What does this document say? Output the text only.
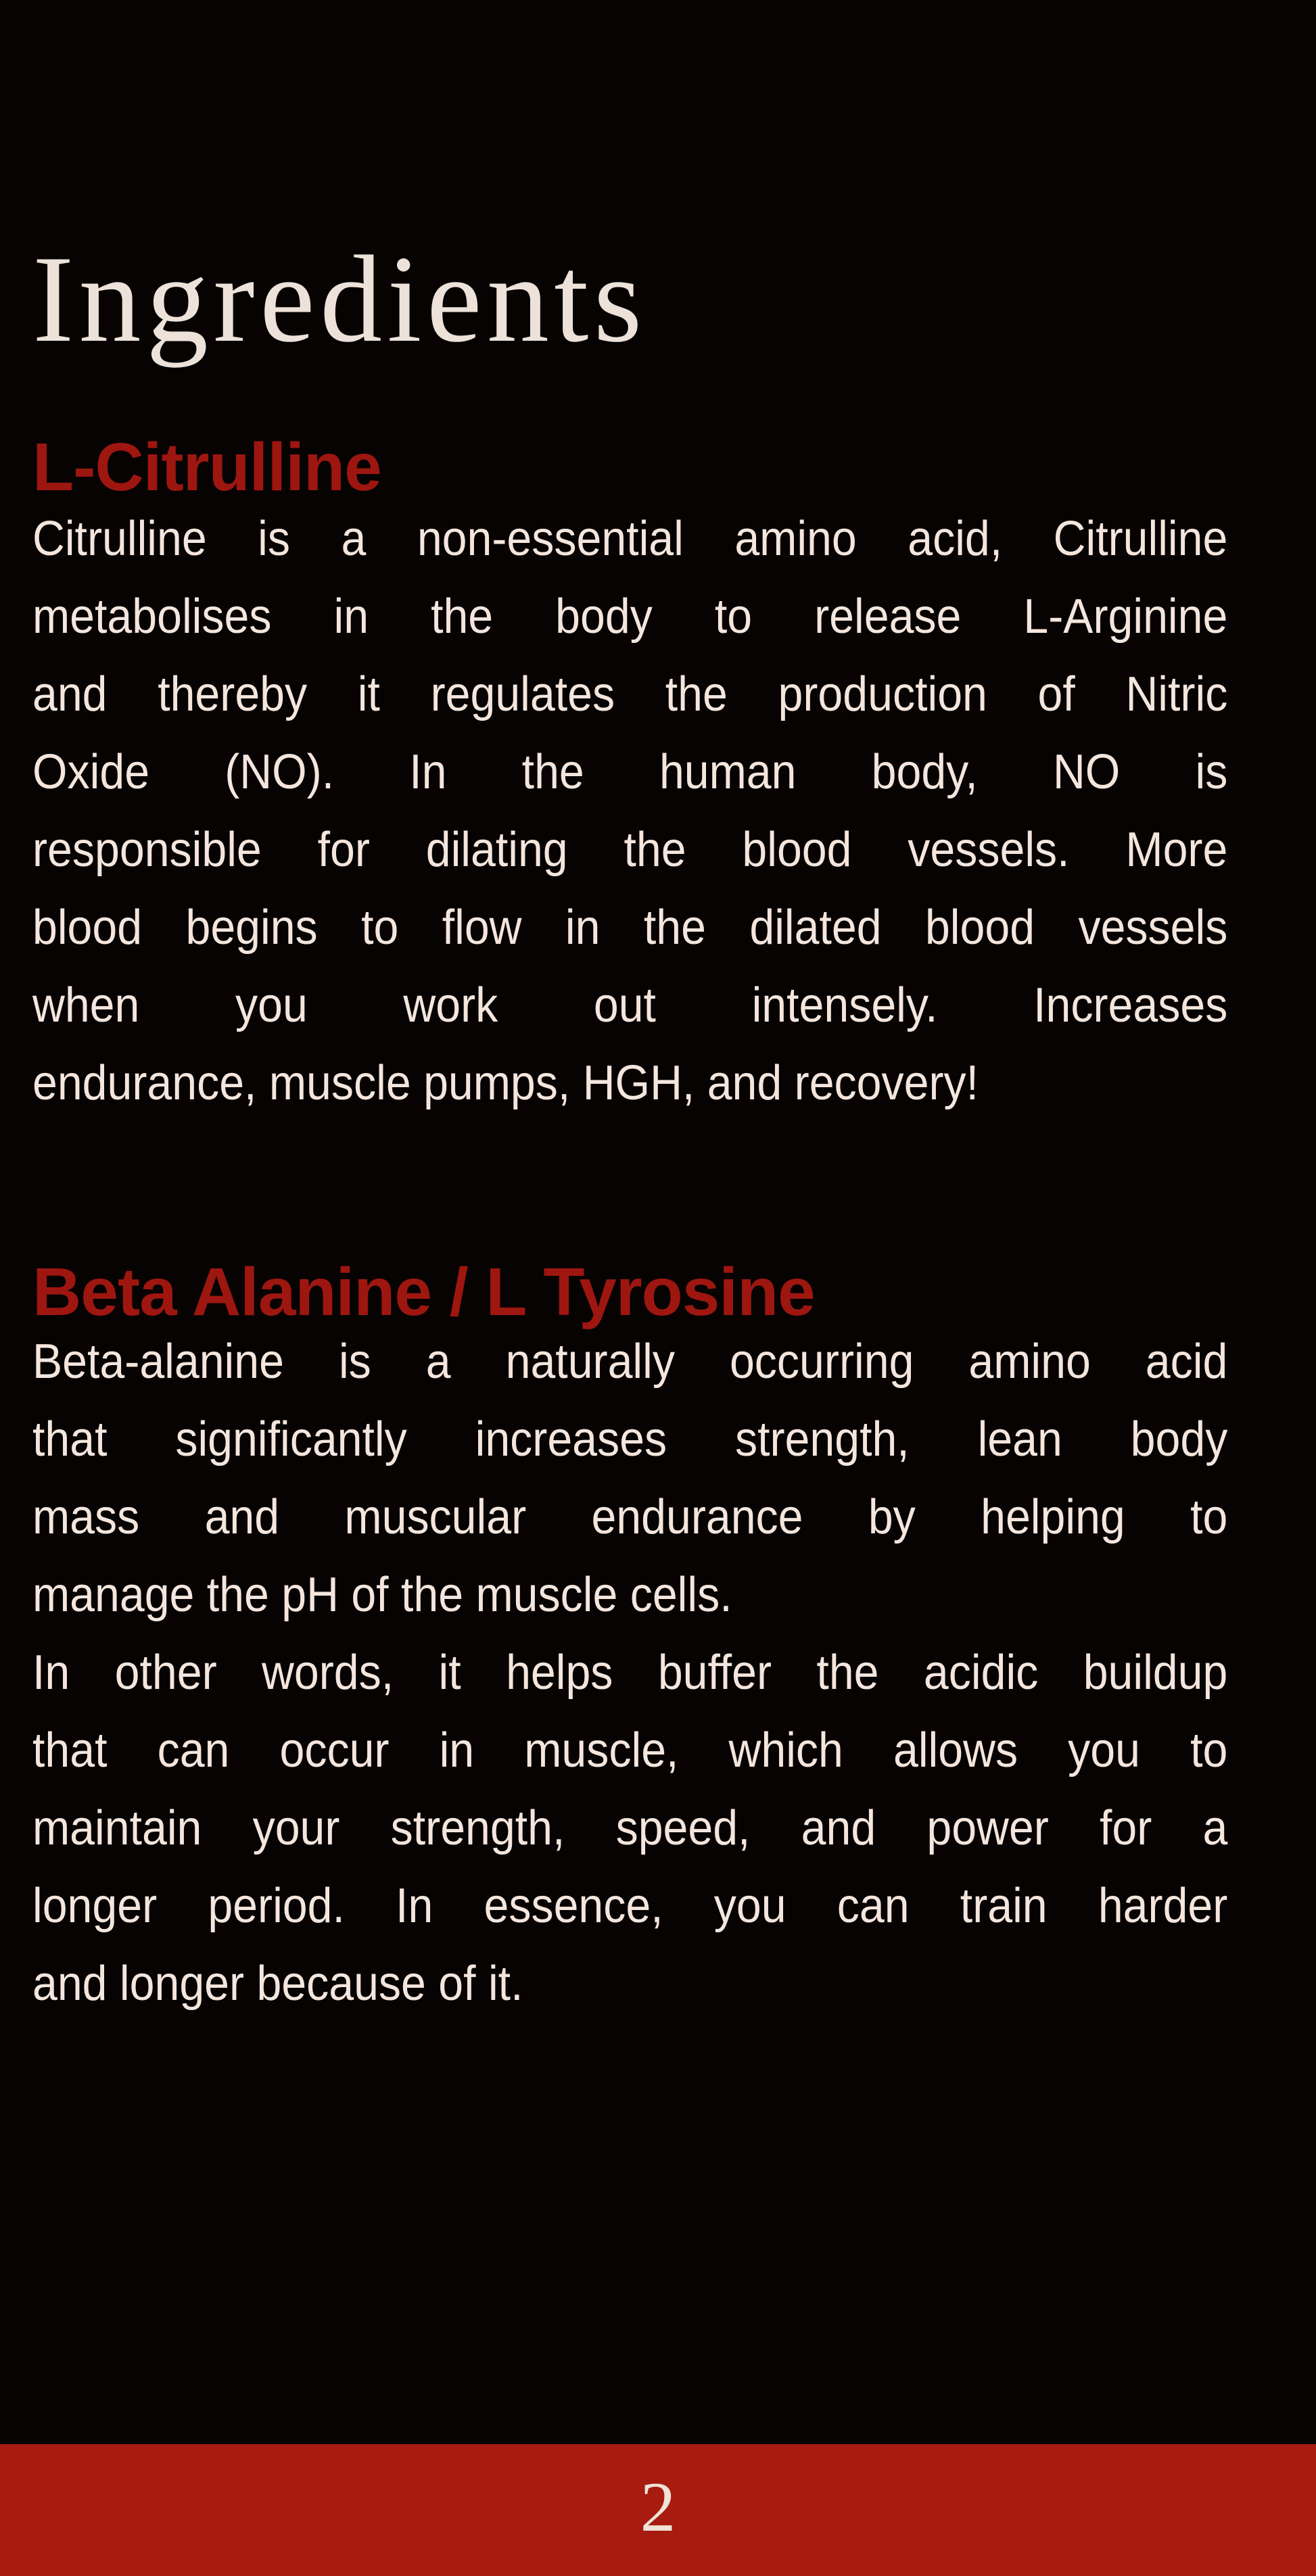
Ingredients
L-Citrulline
Citrulline is a non-essential amino acid, Citrulline
metabolises in the body to release L-Arginine
and thereby it regulates the production of Nitric
Oxide (NO). In the human body, NO is
responsible for dilating the blood vessels. More
blood begins to flow in the dilated blood vessels
when you work out intensely. Increases
endurance, muscle pumps, HGH, and recovery!
Beta Alanine / L Tyrosine
Beta-alanine is a naturally occurring amino acid
that significantly increases strength, lean body
mass and muscular endurance by helping to
manage the pH of the muscle cells.
In other words, it helps buffer the acidic buildup
that can occur in muscle, which allows you to
maintain your strength, speed, and power for a
longer period. In essence, you can train harder
and longer because of it.
2
